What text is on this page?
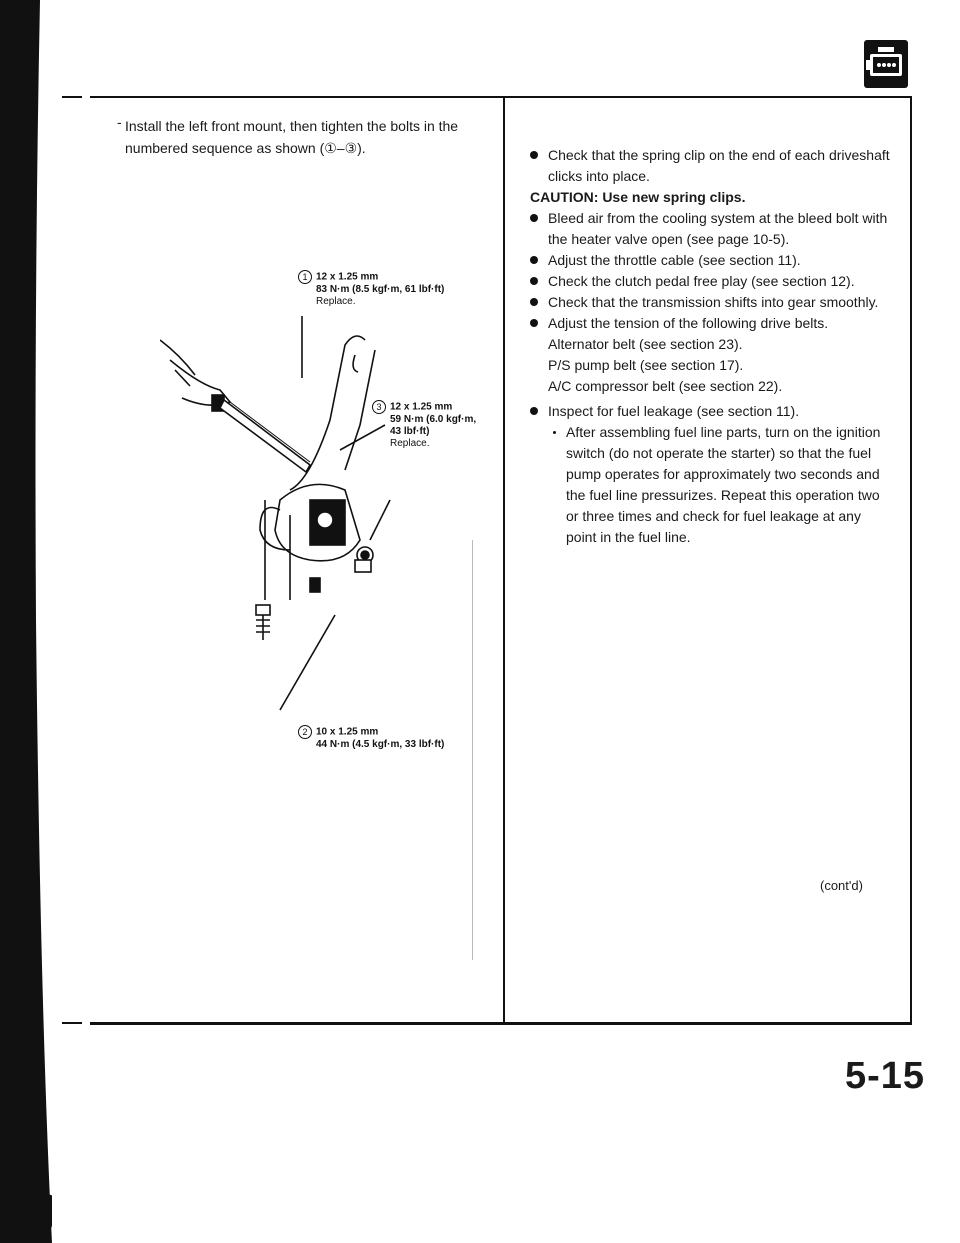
- Install the left front mount, then tighten the bolts in the numbered sequence as shown (①–③).
1 12 x 1.25 mm
83 N·m (8.5 kgf·m, 61 lbf·ft)
Replace.
3 12 x 1.25 mm
59 N·m (6.0 kgf·m,
43 lbf·ft)
Replace.
2 10 x 1.25 mm
44 N·m (4.5 kgf·m, 33 lbf·ft)

Check that the spring clip on the end of each driveshaft clicks into place.

CAUTION: Use new spring clips.

Bleed air from the cooling system at the bleed bolt with the heater valve open (see page 10-5).

Adjust the throttle cable (see section 11).

Check the clutch pedal free play (see section 12).

Check that the transmission shifts into gear smoothly.

Adjust the tension of the following drive belts.

Alternator belt (see section 23).

P/S pump belt (see section 17).

A/C compressor belt (see section 22).

Inspect for fuel leakage (see section 11).

After assembling fuel line parts, turn on the ignition switch (do not operate the starter) so that the fuel pump operates for approximately two seconds and the fuel line pressurizes. Repeat this operation two or three times and check for fuel leakage at any point in the fuel line.

(cont'd)
5-15
